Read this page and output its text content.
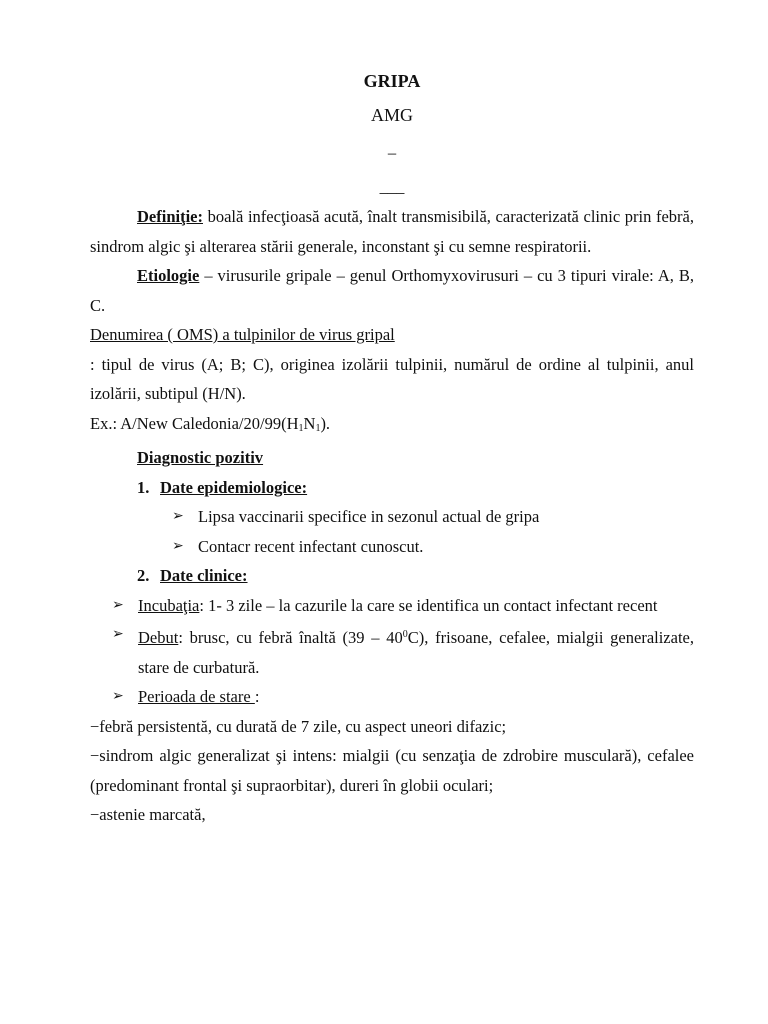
GRIPA
AMG
–
___

Definiţie: boală infecţioasă acută, înalt transmisibilă, caracterizată clinic prin febră, sindrom algic şi alterarea stării generale, inconstant şi cu semne respiratorii.

Etiologie – virusurile gripale – genul Orthomyxovirusuri – cu 3 tipuri virale: A, B, C.

Denumirea ( OMS) a tulpinilor de virus gripal

: tipul de virus (A; B; C), originea izolării tulpinii, numărul de ordine al tulpinii, anul izolării, subtipul (H/N).

Ex.: A/New Caledonia/$20/99(H_1N_1)$.

Diagnostic pozitiv

1. Date epidemiologice:
➢ Lipsa vaccinarii specifice in sezonul actual de gripa
➢ Contacr recent infectant cunoscut.
2. Date clinice:
➢ Incubaţia: 1- 3 zile – la cazurile la care se identifica un contact infectant recent
➢ Debut: brusc, cu febră înaltă $(39 - 40^0C)$, frisoane, cefalee, mialgii generalizate, stare de curbatură.
➢ Perioada de stare :

−febră persistentă, cu durată de 7 zile, cu aspect uneori difazic;

−sindrom algic generalizat şi intens: mialgii (cu senzaţia de zdrobire musculară), cefalee (predominant frontal şi supraorbitar), dureri în globii oculari;

−astenie marcată,
